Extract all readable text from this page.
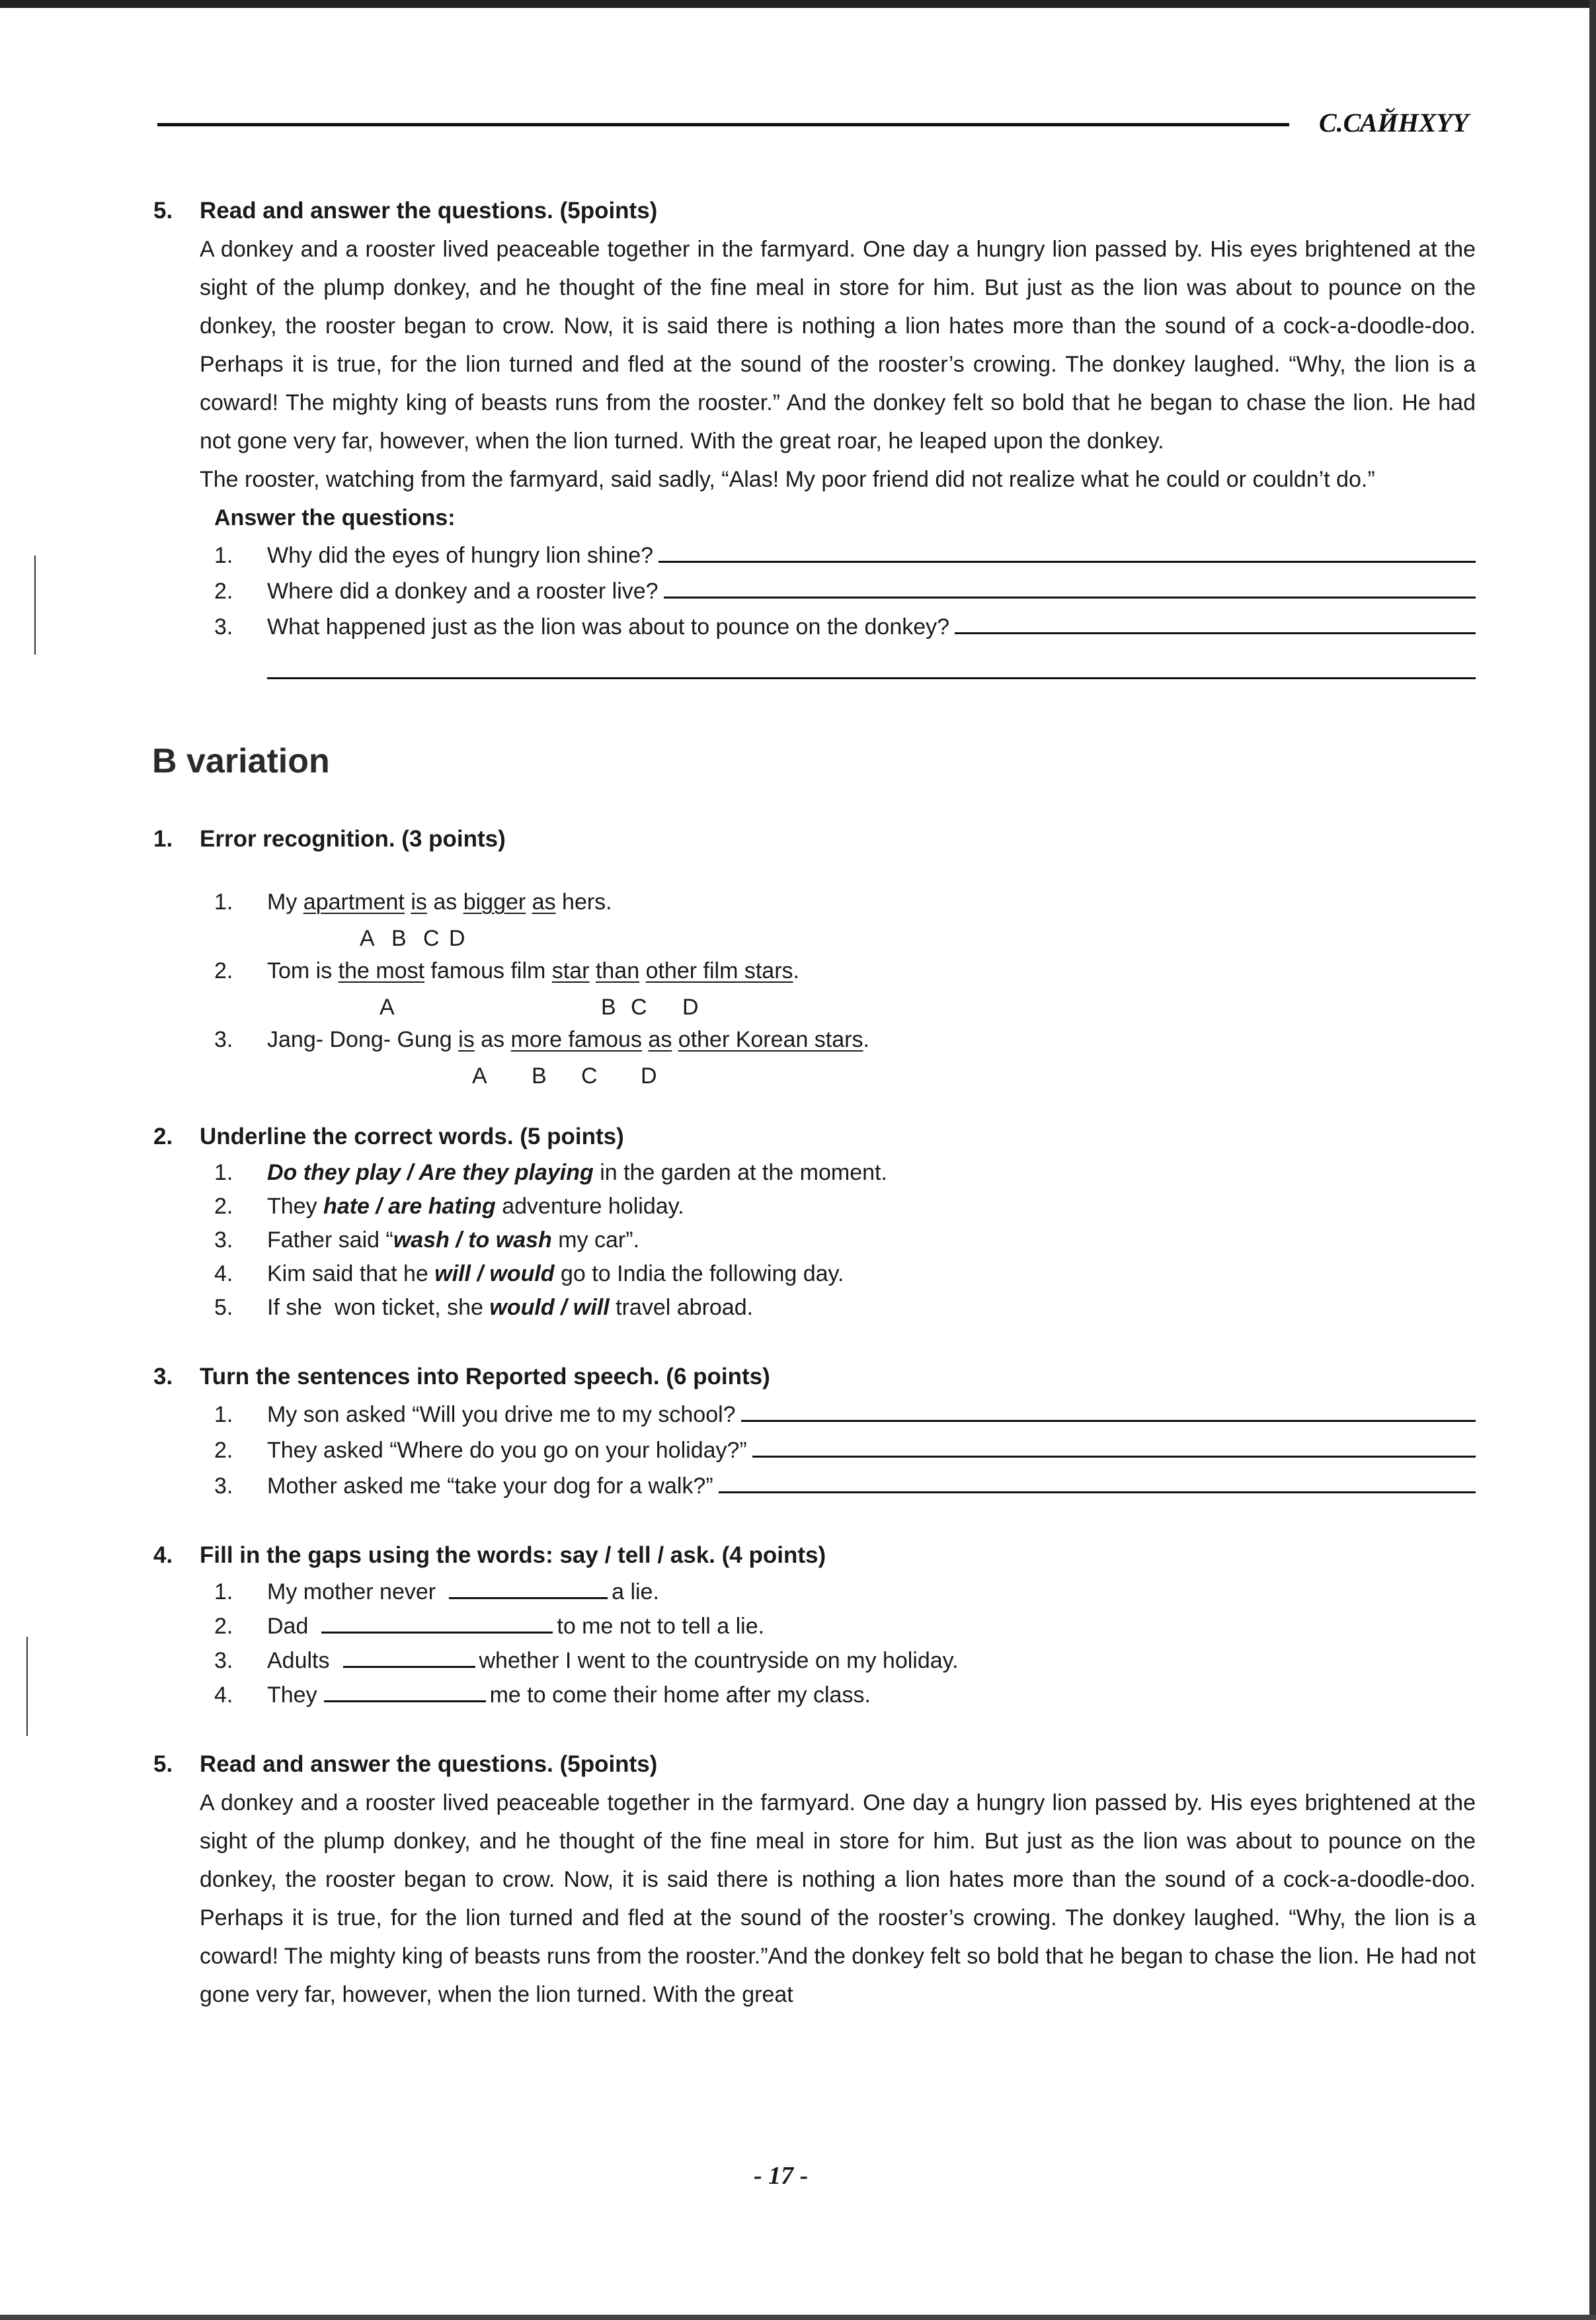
С.САЙНХҮҮ
5.	Read and answer the questions. (5points)

A donkey and a rooster lived peaceable together in the farmyard. One day a hungry lion passed by. His eyes brightened at the sight of the plump donkey, and he thought of the fine meal in store for him. But just as the lion was about to pounce on the donkey, the rooster began to crow. Now, it is said there is nothing a lion hates more than the sound of a cock-a-doodle-doo. Perhaps it is true, for the lion turned and fled at the sound of the rooster’s crowing. The donkey laughed. “Why, the lion is a coward! The mighty king of beasts runs from the rooster.” And the donkey felt so bold that he began to chase the lion. He had not gone very far, however, when the lion turned. With the great roar, he leaped upon the donkey.

The rooster, watching from the farmyard, said sadly, “Alas! My poor friend did not realize what he could or couldn’t do.”

Answer the questions:
1.	Why did the eyes of hungry lion shine?
2.	Where did a donkey and a rooster live?
3.	What happened just as the lion was about to pounce on the donkey?
B variation
1.	Error recognition. (3 points)
1.	My apartment is as bigger as hers.
A B C D
2.	Tom is the most famous film star than other film stars.
A	B C D
3.	Jang- Dong- Gung is as more famous as other Korean stars.
A B C D
2.	Underline the correct words. (5 points)
1.	Do they play / Are they playing in the garden at the moment.
2.	They hate / are hating adventure holiday.
3.	Father said “wash / to wash my car”.
4.	Kim said that he will / would go to India the following day.
5.	If she  won ticket, she would / will travel abroad.
3.	Turn the sentences into Reported speech. (6 points)
1.	My son asked “Will you drive me to my school?
2.	They asked “Where do you go on your holiday?”
3.	Mother asked me “take your dog for a walk?”
4.	Fill in the gaps using the words: say / tell / ask. (4 points)
1.	My mother never	a lie.
2.	Dad	to me not to tell a lie.
3.	Adults	whether I went to the countryside on my holiday.
4.	They	me to come their home after my class.
5.	Read and answer the questions. (5points)

A donkey and a rooster lived peaceable together in the farmyard. One day a hungry lion passed by. His eyes brightened at the sight of the plump donkey, and he thought of the fine meal in store for him. But just as the lion was about to pounce on the donkey, the rooster began to crow. Now, it is said there is nothing a lion hates more than the sound of a cock-a-doodle-doo. Perhaps it is true, for the lion turned and fled at the sound of the rooster’s crowing. The donkey laughed. “Why, the lion is a coward! The mighty king of beasts runs from the rooster.”And the donkey felt so bold that he began to chase the lion. He had not gone very far, however, when the lion turned. With the great

- 17 -
